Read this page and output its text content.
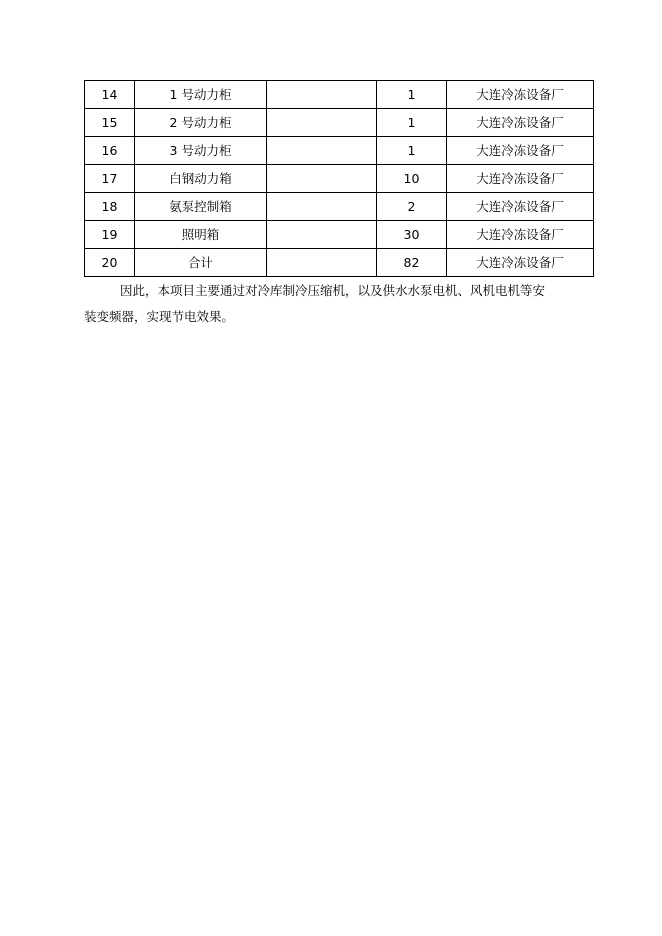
14	1 号动力柜		1	大连冷冻设备厂
15	2 号动力柜		1	大连冷冻设备厂
16	3 号动力柜		1	大连冷冻设备厂
17	白钢动力箱		10	大连冷冻设备厂
18	氨泵控制箱		2	大连冷冻设备厂
19	照明箱		30	大连冷冻设备厂
20	合计		82	大连冷冻设备厂

因此，本项目主要通过对冷库制冷压缩机，以及供水水泵电机、风机电机等安

装变频器，实现节电效果。
